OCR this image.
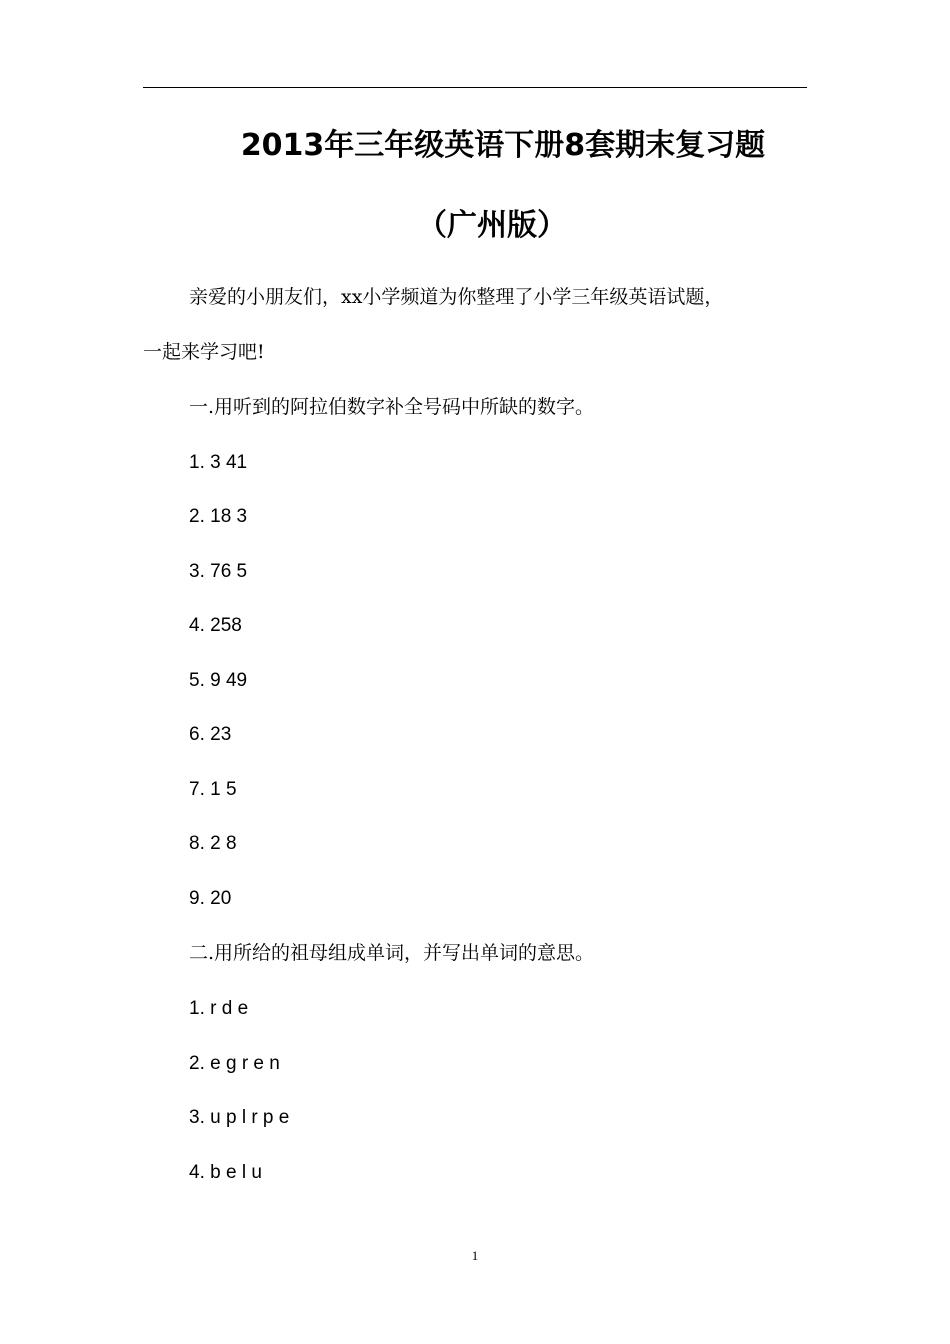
2013年三年级英语下册8套期末复习题
（广州版）
亲爱的小朋友们，xx小学频道为你整理了小学三年级英语试题，
一起来学习吧!
一.用听到的阿拉伯数字补全号码中所缺的数字。
1. 3 41
2. 18 3
3. 76 5
4. 258
5. 9 49
6. 23
7. 1 5
8. 2 8
9. 20
二.用所给的祖母组成单词，并写出单词的意思。
1. r d e
2. e g r e n
3. u p l r p e
4. b e l u
1
